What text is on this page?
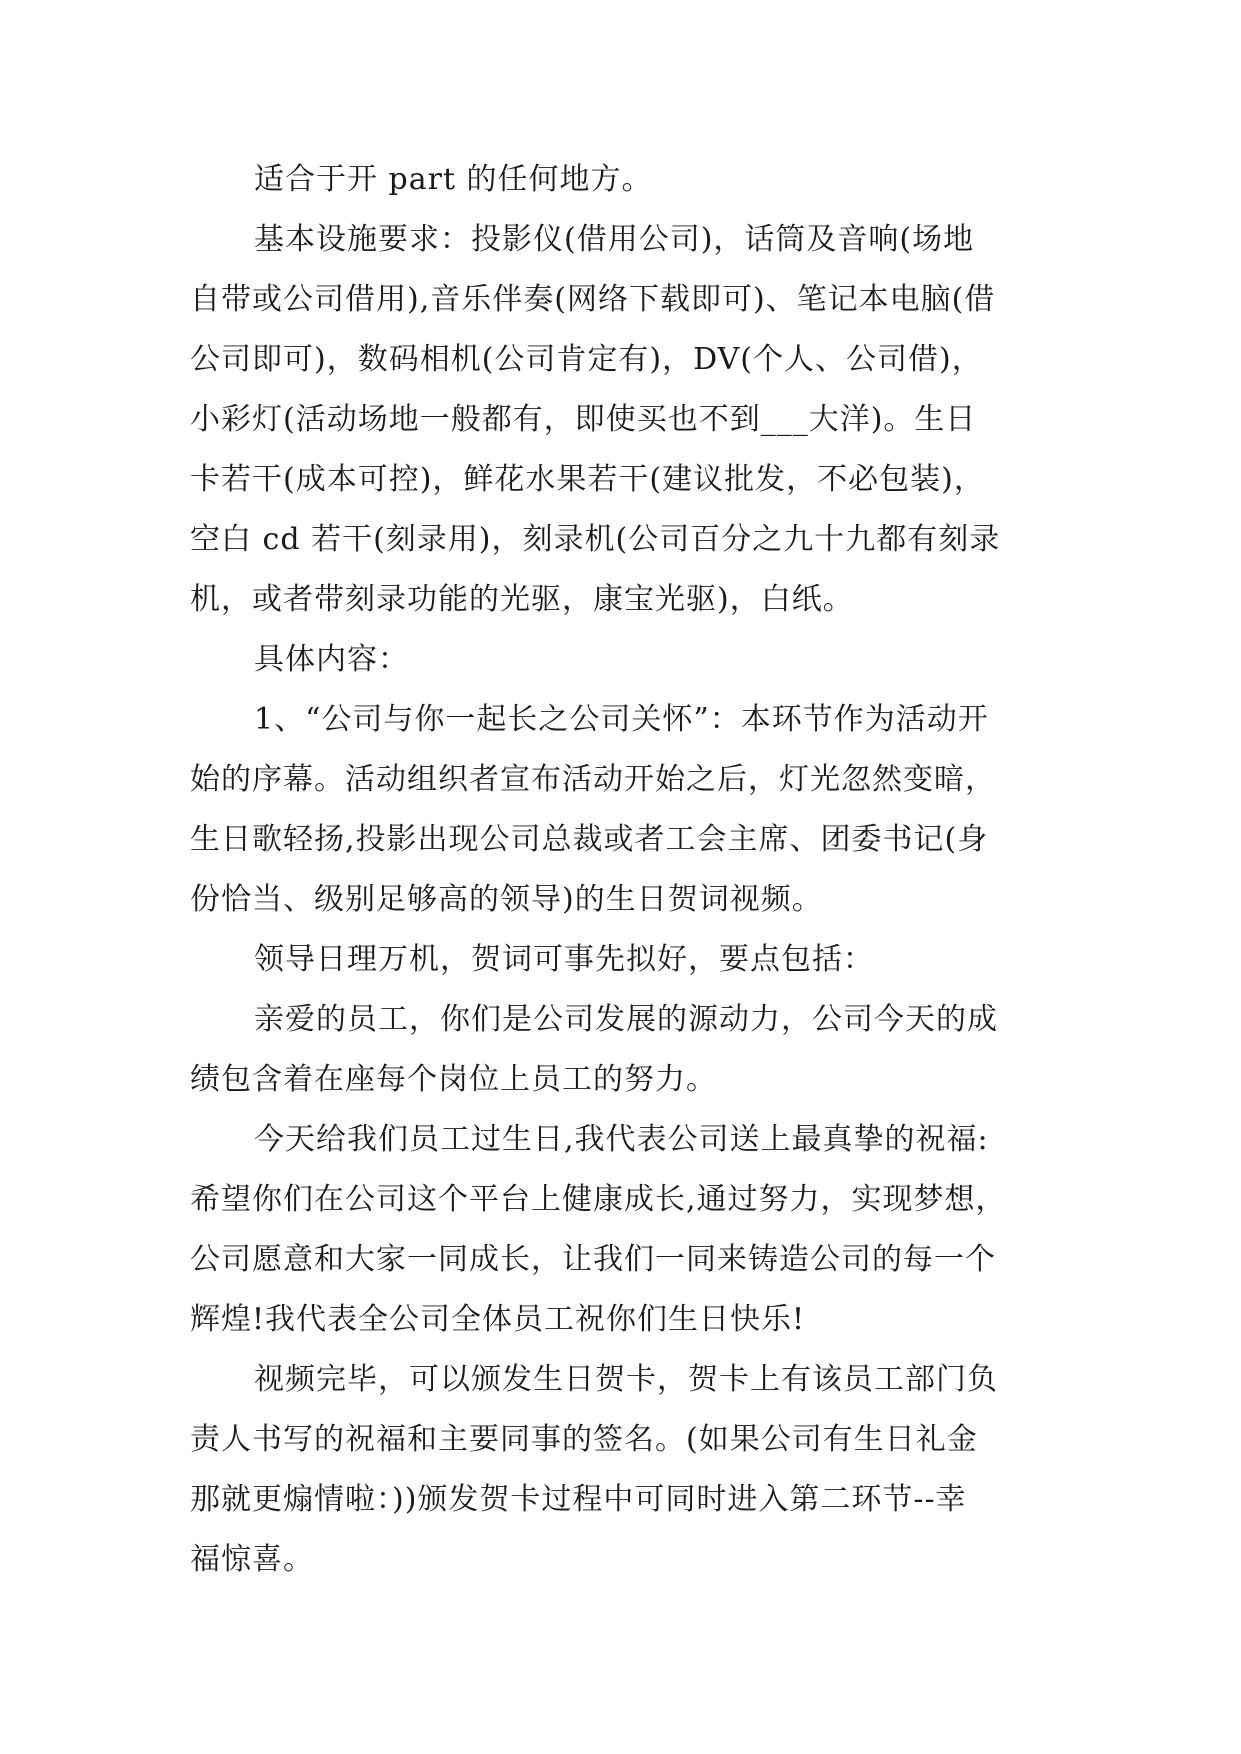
适合于开 part 的任何地方。

基本设施要求：投影仪(借用公司)，话筒及音响(场地
自带或公司借用),音乐伴奏(网络下载即可)、笔记本电脑(借
公司即可)，数码相机(公司肯定有)，DV(个人、公司借)，
小彩灯(活动场地一般都有，即使买也不到___大洋)。生日
卡若干(成本可控)，鲜花水果若干(建议批发，不必包装)，
空白 cd 若干(刻录用)，刻录机(公司百分之九十九都有刻录
机，或者带刻录功能的光驱，康宝光驱)，白纸。

具体内容：

1、“公司与你一起长之公司关怀”：本环节作为活动开
始的序幕。活动组织者宣布活动开始之后，灯光忽然变暗，
生日歌轻扬,投影出现公司总裁或者工会主席、团委书记(身
份恰当、级别足够高的领导)的生日贺词视频。

领导日理万机，贺词可事先拟好，要点包括：

亲爱的员工，你们是公司发展的源动力，公司今天的成
绩包含着在座每个岗位上员工的努力。

今天给我们员工过生日,我代表公司送上最真挚的祝福:
希望你们在公司这个平台上健康成长,通过努力，实现梦想，
公司愿意和大家一同成长，让我们一同来铸造公司的每一个
辉煌!我代表全公司全体员工祝你们生日快乐!

视频完毕，可以颁发生日贺卡，贺卡上有该员工部门负
责人书写的祝福和主要同事的签名。(如果公司有生日礼金
那就更煽情啦：))颁发贺卡过程中可同时进入第二环节--幸
福惊喜。
